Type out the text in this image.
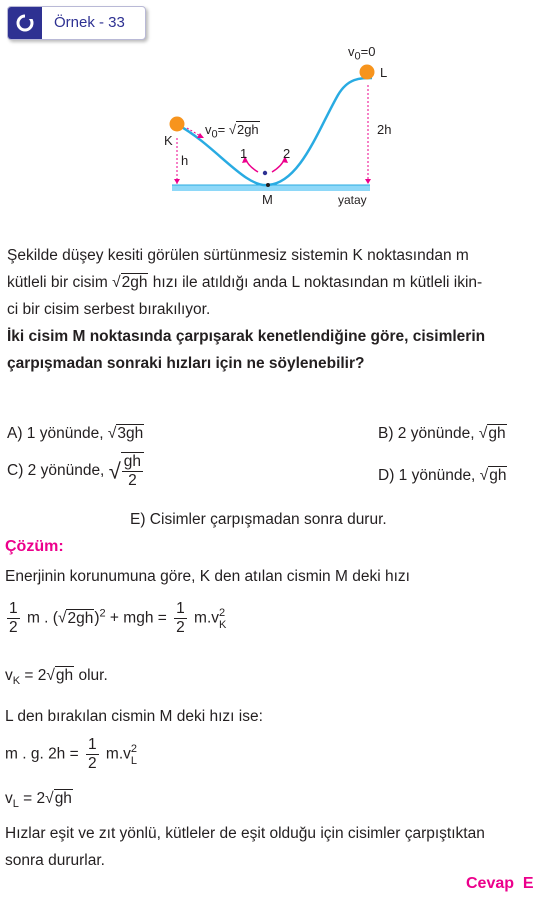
Örnek - 33
$v_0=0$
L
K
h
2h
$v_0= √2gh$
1	2
M	yatay
Şekilde düşey kesiti görülen sürtünmesiz sistemin K noktasından m
kütleli bir cisim √2gh hızı ile atıldığı anda L noktasından m kütleli ikin-
ci bir cisim serbest bırakılıyor.
İki cisim M noktasında çarpışarak kenetlendiğine göre, cisimlerin
çarpışmadan sonraki hızları için ne söylenebilir?
A) 1 yönünde, √3gh	B) 2 yönünde, √gh
C) 2 yönünde, √ $\frac{gh}{2}$	D) 1 yönünde, √gh
E) Cisimler çarpışmadan sonra durur.
Çözüm:
Enerjinin korunumuna göre, K den atılan cismin M deki hızı
$\frac{1}{2}$ m . $(√2gh)^2$ + mgh = $\frac{1}{2} m.v$ 2
K
$v_K = 2√gh$ olur.
L den bırakılan cismin M deki hızı ise:
m . g. $2h = \frac{1}{2} m.v$ 2
L
$v_L = 2√gh$
Hızlar eşit ve zıt yönlü, kütleler de eşit olduğu için cisimler çarpıştıktan
sonra dururlar.
Cevap  E
